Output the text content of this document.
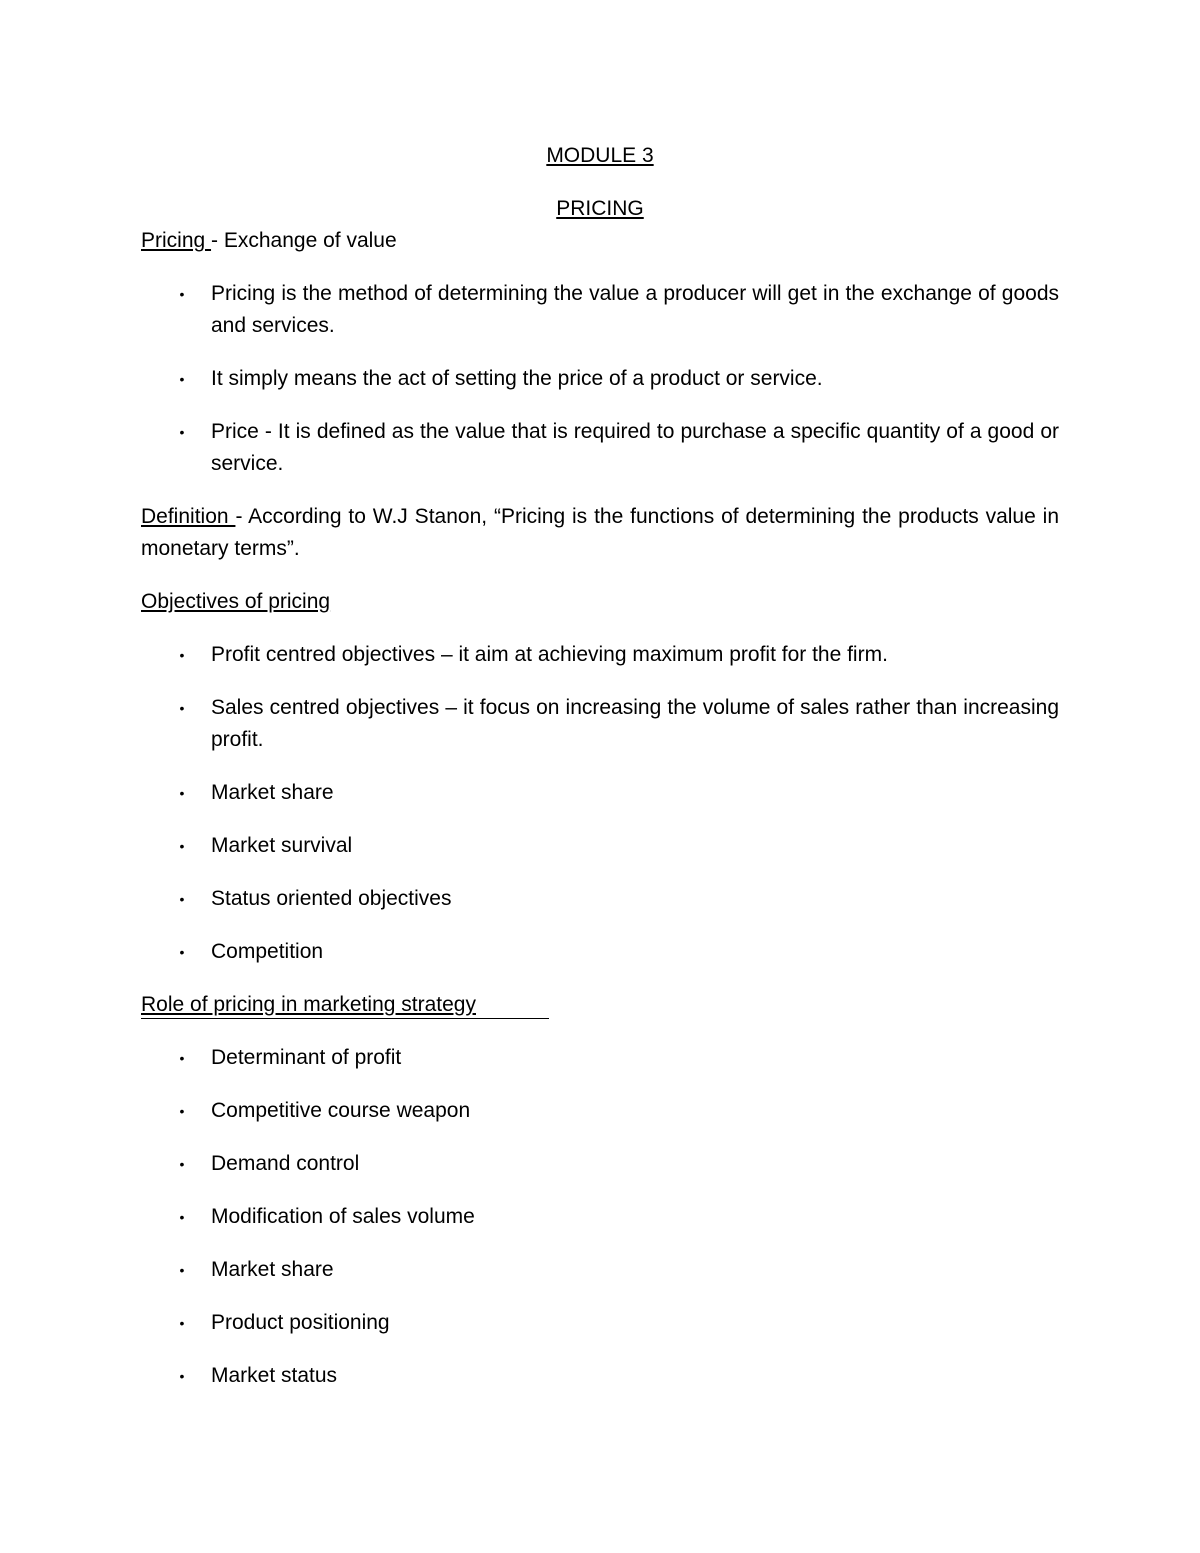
MODULE 3

PRICING

Pricing - Exchange of value

• Pricing is the method of determining the value a producer will get in the exchange of goods and services.
• It simply means the act of setting the price of a product or service.
• Price - It is defined as the value that is required to purchase a specific quantity of a good or service.

Definition - According to W.J Stanon, “Pricing is the functions of determining the products value in monetary terms”.

Objectives of pricing

• Profit centred objectives – it aim at achieving maximum profit for the firm.
• Sales centred objectives – it focus on increasing the volume of sales rather than increasing profit.
• Market share
• Market survival
• Status oriented objectives
• Competition

Role of pricing in marketing strategy

• Determinant of profit
• Competitive course weapon
• Demand control
• Modification of sales volume
• Market share
• Product positioning
• Market status
